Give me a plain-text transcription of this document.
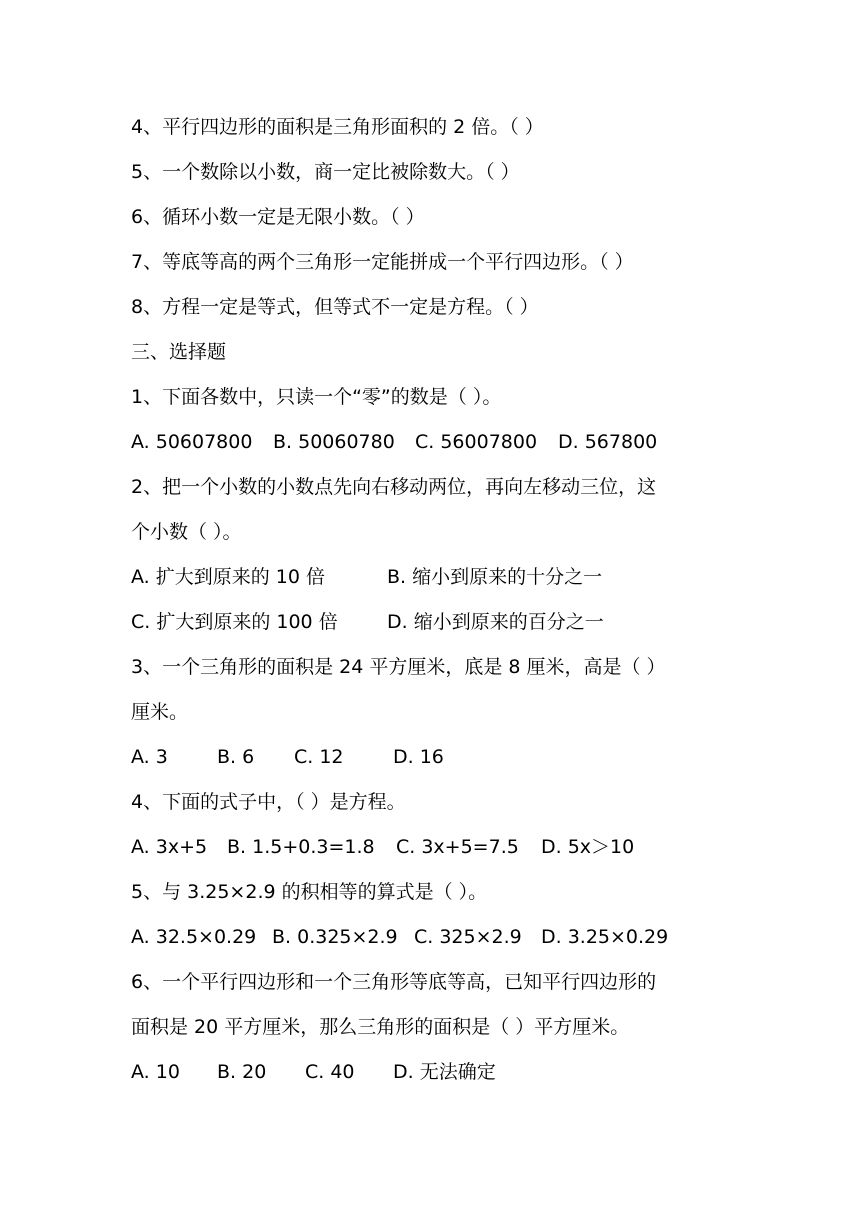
4、平行四边形的面积是三角形面积的 2 倍。（ ）
5、一个数除以小数，商一定比被除数大。（ ）
6、循环小数一定是无限小数。（ ）
7、等底等高的两个三角形一定能拼成一个平行四边形。（ ）
8、方程一定是等式，但等式不一定是方程。（ ）
三、选择题
1、下面各数中，只读一个“零”的数是（ ）。
A. 50607800 B. 50060780 C. 56007800 D. 567800
2、把一个小数的小数点先向右移动两位，再向左移动三位，这
个小数（ ）。
A. 扩大到原来的 10 倍	B. 缩小到原来的十分之一
C. 扩大到原来的 100 倍	D. 缩小到原来的百分之一
3、一个三角形的面积是 24 平方厘米，底是 8 厘米，高是（ ）
厘米。
A. 3	B. 6 C. 12	D. 16
4、下面的式子中，（ ）是方程。
A. 3x+5 B. 1.5+0.3=1.8 C. 3x+5=7.5 D. 5x＞10
5、与 3.25×2.9 的积相等的算式是（ ）。
A. 32.5×0.29 B. 0.325×2.9 C. 325×2.9 D. 3.25×0.29
6、一个平行四边形和一个三角形等底等高，已知平行四边形的
面积是 20 平方厘米，那么三角形的面积是（ ）平方厘米。
A. 10 B. 20 C. 40 D. 无法确定
